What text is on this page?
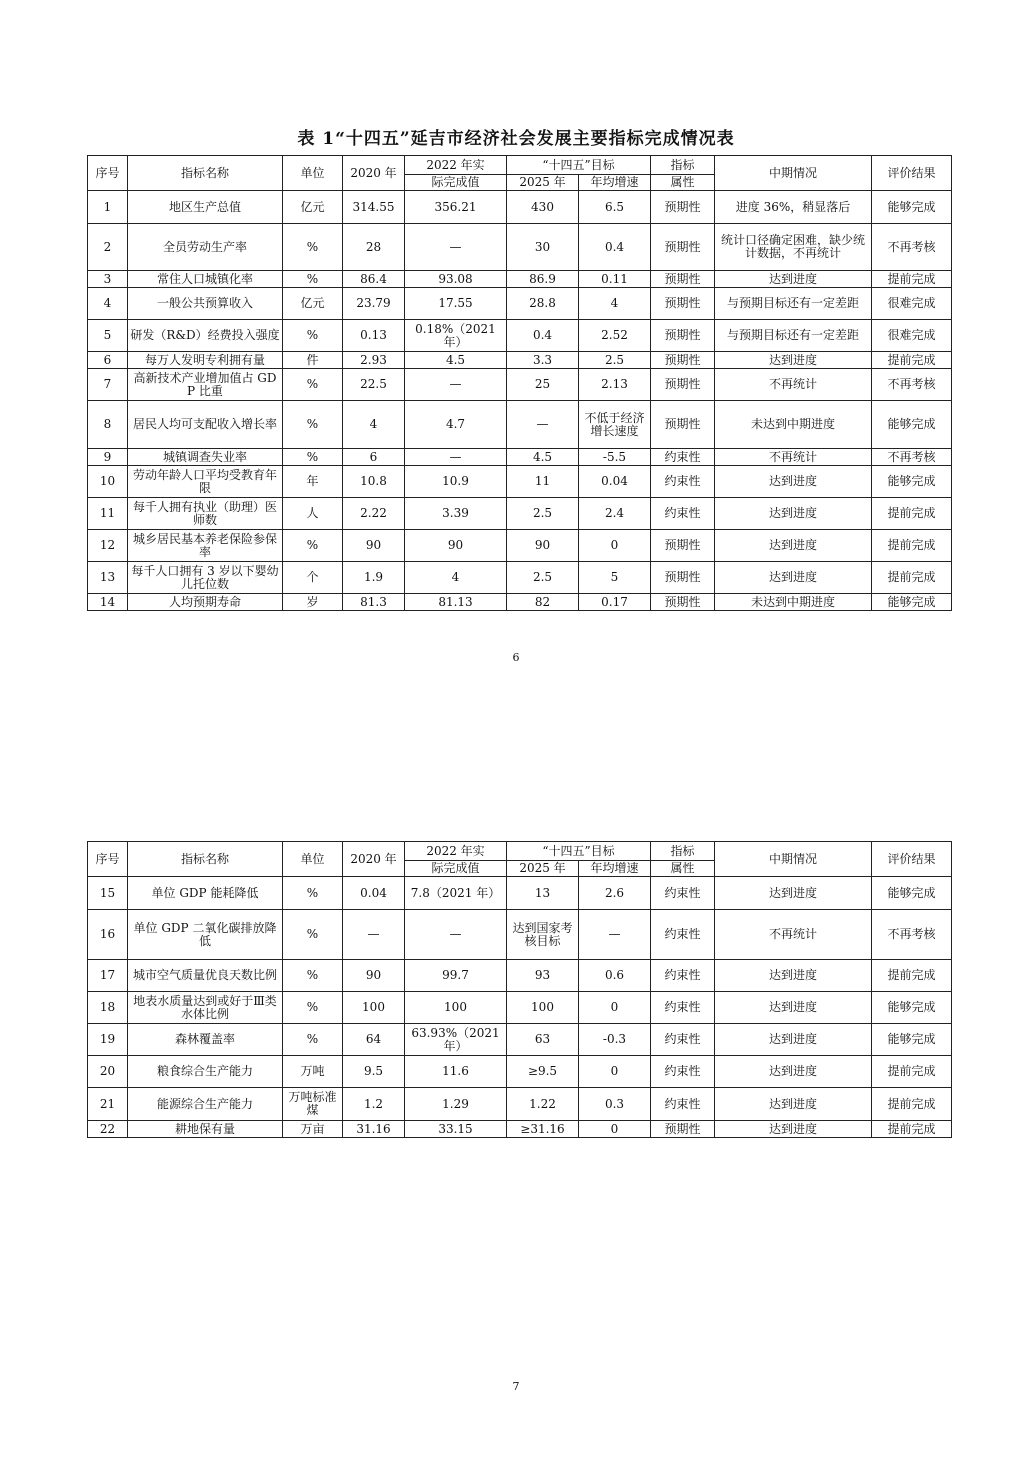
表 1“十四五”延吉市经济社会发展主要指标完成情况表
序号	指标名称	单位	2020 年	2022 年实	“十四五”目标		指标	中期情况	评价结果
				际完成值	2025 年	年均增速	属性		
1	地区生产总值	亿元	314.55	356.21	430	6.5	预期性	进度 36%，稍显落后	能够完成
2	全员劳动生产率	%	28	—	30	0.4	预期性	统计口径确定困难，缺少统计数据，不再统计	不再考核
3	常住人口城镇化率	%	86.4	93.08	86.9	0.11	预期性	达到进度	提前完成
4	一般公共预算收入	亿元	23.79	17.55	28.8	4	预期性	与预期目标还有一定差距	很难完成
5	研发（R&D）经费投入强度	%	0.13	0.18%（2021 年）	0.4	2.52	预期性	与预期目标还有一定差距	很难完成
6	每万人发明专利拥有量	件	2.93	4.5	3.3	2.5	预期性	达到进度	提前完成
7	高新技术产业增加值占 GDP 比重	%	22.5	—	25	2.13	预期性	不再统计	不再考核
8	居民人均可支配收入增长率	%	4	4.7	—	不低于经济增长速度	预期性	未达到中期进度	能够完成
9	城镇调查失业率	%	6	—	4.5	-5.5	约束性	不再统计	不再考核
10	劳动年龄人口平均受教育年限	年	10.8	10.9	11	0.04	约束性	达到进度	能够完成
11	每千人拥有执业（助理）医师数	人	2.22	3.39	2.5	2.4	约束性	达到进度	提前完成
12	城乡居民基本养老保险参保率	%	90	90	90	0	预期性	达到进度	提前完成
13	每千人口拥有 3 岁以下婴幼儿托位数	个	1.9	4	2.5	5	预期性	达到进度	提前完成
14	人均预期寿命	岁	81.3	81.13	82	0.17	预期性	未达到中期进度	能够完成
6
序号	指标名称	单位	2020 年	2022 年实	“十四五”目标		指标	中期情况	评价结果
				际完成值	2025 年	年均增速	属性		
15	单位 GDP 能耗降低	%	0.04	7.8（2021 年）	13	2.6	约束性	达到进度	能够完成
16	单位 GDP 二氧化碳排放降低	%	—	—	达到国家考核目标	—	约束性	不再统计	不再考核
17	城市空气质量优良天数比例	%	90	99.7	93	0.6	约束性	达到进度	提前完成
18	地表水质量达到或好于Ⅲ类水体比例	%	100	100	100	0	约束性	达到进度	能够完成
19	森林覆盖率	%	64	63.93%（2021 年）	63	-0.3	约束性	达到进度	能够完成
20	粮食综合生产能力	万吨	9.5	11.6	≥9.5	0	约束性	达到进度	提前完成
21	能源综合生产能力	万吨标准煤	1.2	1.29	1.22	0.3	约束性	达到进度	提前完成
22	耕地保有量	万亩	31.16	33.15	≥31.16	0	预期性	达到进度	提前完成
7
